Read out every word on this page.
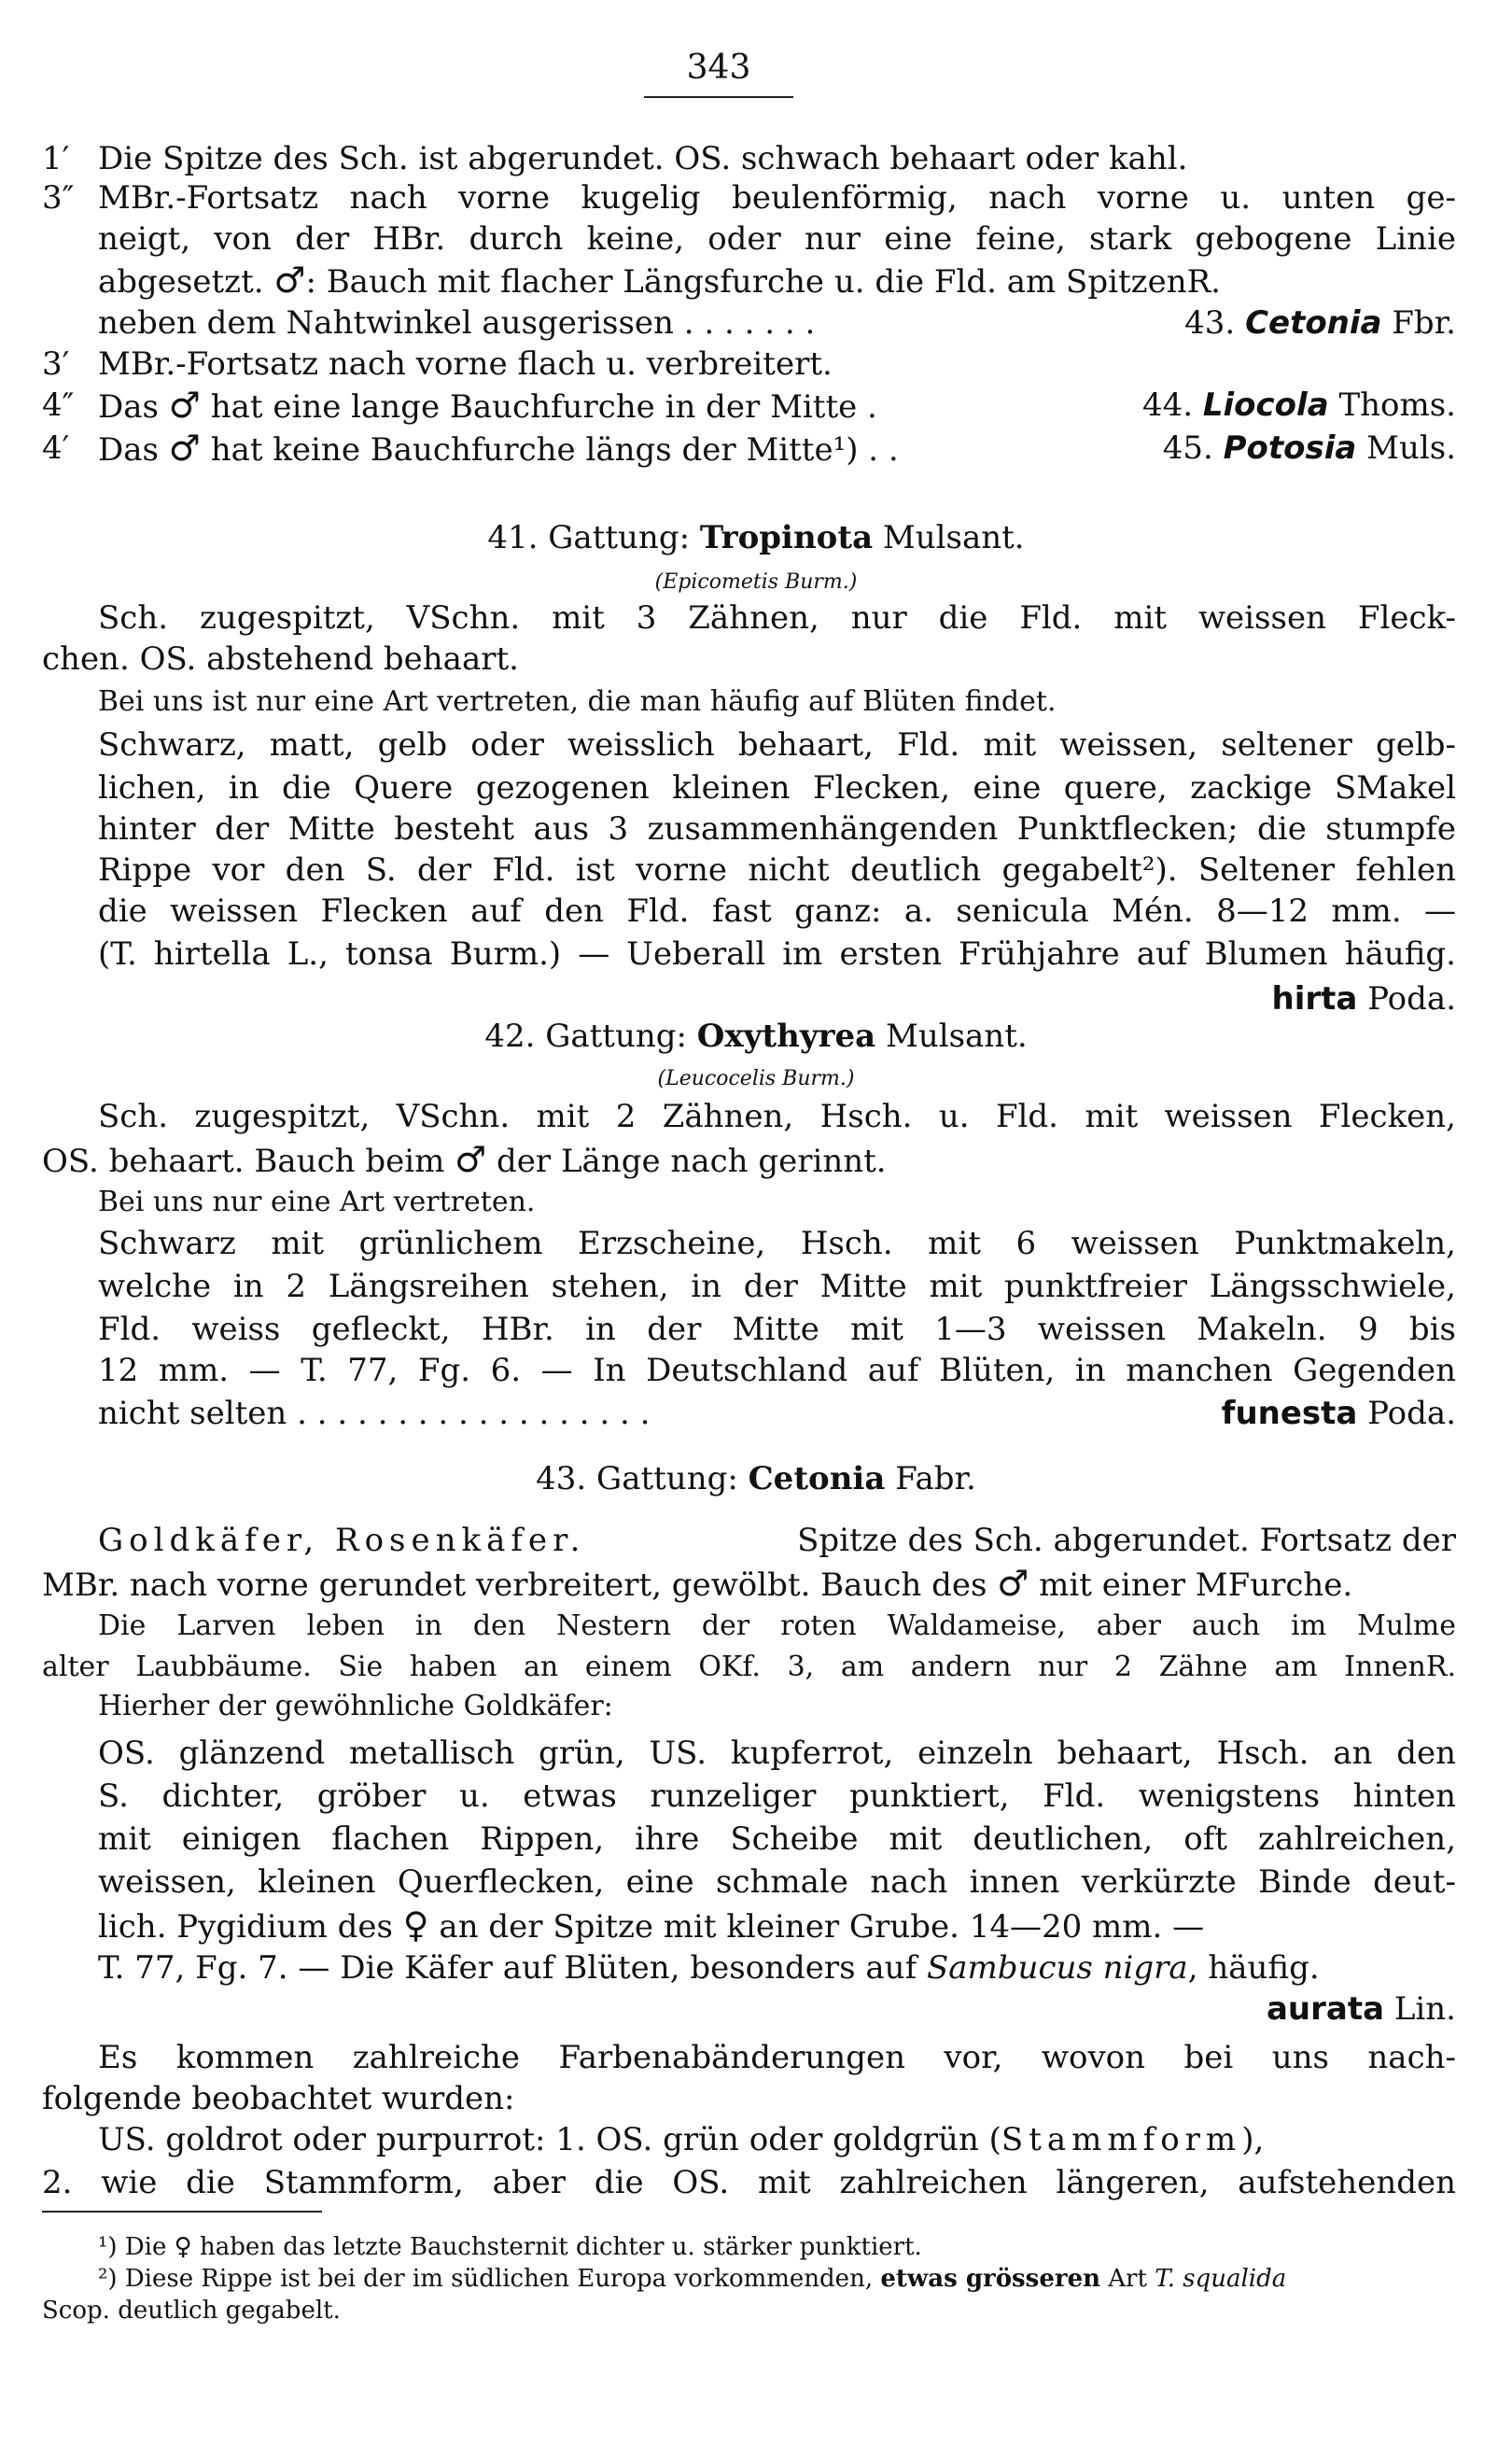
343
1′ Die Spitze des Sch. ist abgerundet. OS. schwach behaart oder kahl.
3″ MBr.-Fortsatz nach vorne kugelig beulenförmig, nach vorne u. unten ge-
neigt, von der HBr. durch keine, oder nur eine feine, stark gebogene Linie
abgesetzt. ♂: Bauch mit flacher Längsfurche u. die Fld. am SpitzenR.
neben dem Nahtwinkel ausgerissen . . . . . . .	43. Cetonia Fbr.
3′ MBr.-Fortsatz nach vorne flach u. verbreitert.
4″ Das ♂ hat eine lange Bauchfurche in der Mitte .	44. Liocola Thoms.
4′ Das ♂ hat keine Bauchfurche längs der Mitte¹) . .	45. Potosia Muls.
41. Gattung: Tropinota Mulsant.
(Epicometis Burm.)
Sch. zugespitzt, VSchn. mit 3 Zähnen, nur die Fld. mit weissen Fleck-
chen. OS. abstehend behaart.
Bei uns ist nur eine Art vertreten, die man häufig auf Blüten findet.
Schwarz, matt, gelb oder weisslich behaart, Fld. mit weissen, seltener gelb-
lichen, in die Quere gezogenen kleinen Flecken, eine quere, zackige SMakel
hinter der Mitte besteht aus 3 zusammenhängenden Punktflecken; die stumpfe
Rippe vor den S. der Fld. ist vorne nicht deutlich gegabelt²). Seltener fehlen
die weissen Flecken auf den Fld. fast ganz: a. senicula Mén. 8—12 mm. —
(T. hirtella L., tonsa Burm.) — Ueberall im ersten Frühjahre auf Blumen häufig.
hirta Poda.
42. Gattung: Oxythyrea Mulsant.
(Leucocelis Burm.)
Sch. zugespitzt, VSchn. mit 2 Zähnen, Hsch. u. Fld. mit weissen Flecken,
OS. behaart. Bauch beim ♂ der Länge nach gerinnt.
Bei uns nur eine Art vertreten.
Schwarz mit grünlichem Erzscheine, Hsch. mit 6 weissen Punktmakeln,
welche in 2 Längsreihen stehen, in der Mitte mit punktfreier Längsschwiele,
Fld. weiss gefleckt, HBr. in der Mitte mit 1—3 weissen Makeln. 9 bis
12 mm. — T. 77, Fg. 6. — In Deutschland auf Blüten, in manchen Gegenden
nicht selten . . . . . . . . . . . . . . . . . .	funesta Poda.
43. Gattung: Cetonia Fabr.
Goldkäfer, Rosenkäfer.	Spitze des Sch. abgerundet. Fortsatz der
MBr. nach vorne gerundet verbreitert, gewölbt. Bauch des ♂ mit einer MFurche.
Die Larven leben in den Nestern der roten Waldameise, aber auch im Mulme
alter Laubbäume. Sie haben an einem OKf. 3, am andern nur 2 Zähne am InnenR.
Hierher der gewöhnliche Goldkäfer:
OS. glänzend metallisch grün, US. kupferrot, einzeln behaart, Hsch. an den
S. dichter, gröber u. etwas runzeliger punktiert, Fld. wenigstens hinten
mit einigen flachen Rippen, ihre Scheibe mit deutlichen, oft zahlreichen,
weissen, kleinen Querflecken, eine schmale nach innen verkürzte Binde deut-
lich. Pygidium des ♀ an der Spitze mit kleiner Grube. 14—20 mm. —
T. 77, Fg. 7. — Die Käfer auf Blüten, besonders auf Sambucus nigra, häufig.
aurata Lin.
Es kommen zahlreiche Farbenabänderungen vor, wovon bei uns nach-
folgende beobachtet wurden:
US. goldrot oder purpurrot: 1. OS. grün oder goldgrün (Stammform),
2. wie die Stammform, aber die OS. mit zahlreichen längeren, aufstehenden
¹) Die ♀ haben das letzte Bauchsternit dichter u. stärker punktiert.
²) Diese Rippe ist bei der im südlichen Europa vorkommenden, etwas grösseren Art T. squalida
Scop. deutlich gegabelt.
